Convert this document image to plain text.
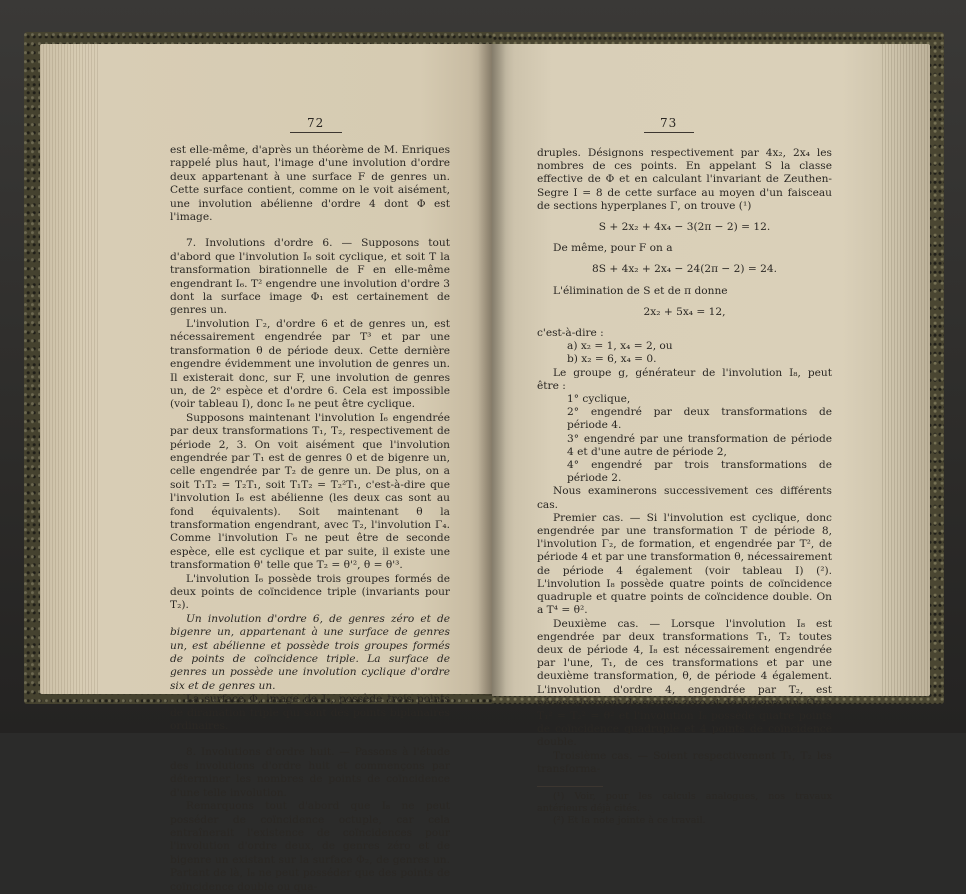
72

est elle-même, d'après un théorème de M. Enriques rappelé plus haut, l'image d'une involution d'ordre deux appartenant à une surface F de genres un. Cette surface contient, comme on le voit aisément, une involution abélienne d'ordre 4 dont Φ est l'image.

7. Involutions d'ordre 6. — Supposons tout d'abord que l'involution I₆ soit cyclique, et soit T la transformation birationnelle de F en elle-même engendrant I₆. T² engendre une involution d'ordre 3 dont la surface image Φ₁ est certainement de genres un.

L'involution Γ₂, d'ordre 6 et de genres un, est nécessairement engendrée par T³ et par une transformation θ de période deux. Cette dernière engendre évidemment une involution de genres un. Il existerait donc, sur F, une involution de genres un, de 2ᵉ espèce et d'ordre 6. Cela est impossible (voir tableau I), donc I₆ ne peut être cyclique.

Supposons maintenant l'involution I₆ engendrée par deux transformations T₁, T₂, respectivement de période 2, 3. On voit aisément que l'involution engendrée par T₁ est de genres 0 et de bigenre un, celle engendrée par T₂ de genre un. De plus, on a soit T₁T₂ = T₂T₁, soit T₁T₂ = T₂²T₁, c'est-à-dire que l'involution I₆ est abélienne (les deux cas sont au fond équivalents). Soit maintenant θ la transformation engendrant, avec T₂, l'involution Γ₄. Comme l'involution Γ₆ ne peut être de seconde espèce, elle est cyclique et par suite, il existe une transformation θ' telle que T₂ = θ'², θ = θ'³.

L'involution I₆ possède trois groupes formés de deux points de coïncidence triple (invariants pour T₂).

Un involution d'ordre 6, de genres zéro et de bigenre un, appartenant à une surface de genres un, est abélienne et possède trois groupes formés de points de coïncidence triple. La surface de genres un possède une involution cyclique d'ordre six et de genres un.

La surface Φ, image de I₆, possède trois points de diramation triple qui sont des points biplanaires ordinaires.

8. Involutions d'ordre huit. — Passons à l'étude des involutions d'ordre huit et commençons par déterminer les nombres de points de coïncidence d'une telle involution.

Remarquons tout d'abord que I₈ ne peut posséder de coïncidence octuple, car cela entraînerait l'existence de coïncidences pour l'involution d'ordre deux, de genres zéro et de bigenre un existant sur la surface Φ₂, de genres un. Partant de là, I₈ ne peut posséder que des points de coïncidence double ou qua-

73

druples. Désignons respectivement par 4x₂, 2x₄ les nombres de ces points. En appelant S la classe effective de Φ et en calculant l'invariant de Zeuthen-Segre I = 8 de cette surface au moyen d'un faisceau de sections hyperplanes Γ, on trouve (¹)

S + 2x₂ + 4x₄ − 3(2π − 2) = 12.

De même, pour F on a

8S + 4x₂ + 2x₄ − 24(2π − 2) = 24.

L'élimination de S et de π donne

2x₂ + 5x₄ = 12,

c'est-à-dire :

a) x₂ = 1, x₄ = 2, ou

b) x₂ = 6, x₄ = 0.

Le groupe g, générateur de l'involution I₈, peut être :

1° cyclique,

2° engendré par deux transformations de période 4.

3° engendré par une transformation de période 4 et d'une autre de période 2,

4° engendré par trois transformations de période 2.

Nous examinerons successivement ces différents cas.

Premier cas. — Si l'involution est cyclique, donc engendrée par une transformation T de période 8, l'involution Γ₂, de formation, et engendrée par T², de période 4 et par une transformation θ, nécessairement de période 4 également (voir tableau I) (²). L'involution I₈ possède quatre points de coïncidence quadruple et quatre points de coïncidence double. On a T⁴ = θ².

Deuxième cas. — Lorsque l'involution I₈ est engendrée par deux transformations T₁, T₂ toutes deux de période 4, I₈ est nécessairement engendrée par l'une, T₁, de ces transformations et par une deuxième transformation, θ, de période 4 également. L'involution d'ordre 4, engendrée par T₂, est nécessairement de genres zéro et de bigenre un. On a T₁² = T₂² = θ² et l'involution I₈ possède quatre points de coïncidence quadruple et 4 points de coïncidence double.

Troisième cas. — Soient respectivement T₁, T₂ les transforma-

(¹) Voir, pour les calculs analogues, nos travaux antérieurs déjà cités.

(²) Et la note jointe à ce travail.
